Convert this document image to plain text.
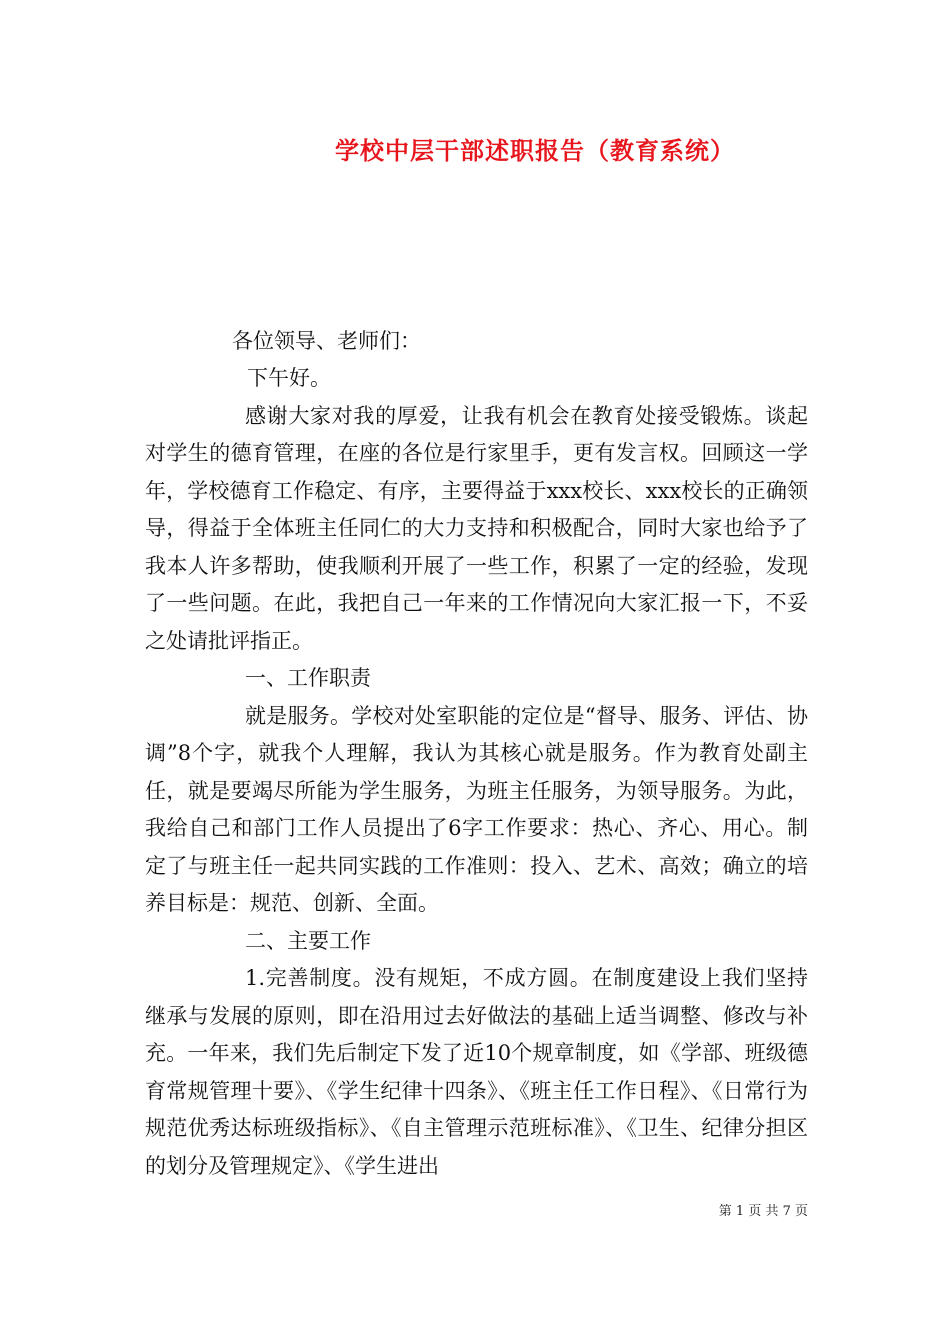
学校中层干部述职报告（教育系统）
各位领导、老师们：

下午好。

感谢大家对我的厚爱，让我有机会在教育处接受锻炼。谈起对学生的德育管理，在座的各位是行家里手，更有发言权。回顾这一学年，学校德育工作稳定、有序，主要得益于xxx校长、xxx校长的正确领导，得益于全体班主任同仁的大力支持和积极配合，同时大家也给予了我本人许多帮助，使我顺利开展了一些工作，积累了一定的经验，发现了一些问题。在此，我把自己一年来的工作情况向大家汇报一下，不妥之处请批评指正。

一、工作职责

就是服务。学校对处室职能的定位是“督导、服务、评估、协调”8个字，就我个人理解，我认为其核心就是服务。作为教育处副主任，就是要竭尽所能为学生服务，为班主任服务，为领导服务。为此，我给自己和部门工作人员提出了6字工作要求：热心、齐心、用心。制定了与班主任一起共同实践的工作准则：投入、艺术、高效；确立的培养目标是：规范、创新、全面。

二、主要工作

1.完善制度。没有规矩，不成方圆。在制度建设上我们坚持继承与发展的原则，即在沿用过去好做法的基础上适当调整、修改与补充。一年来，我们先后制定下发了近10个规章制度，如《学部、班级德育常规管理十要》、《学生纪律十四条》、《班主任工作日程》、《日常行为规范优秀达标班级指标》、《自主管理示范班标准》、《卫生、纪律分担区的划分及管理规定》、《学生进出

第 1 页 共 7 页
